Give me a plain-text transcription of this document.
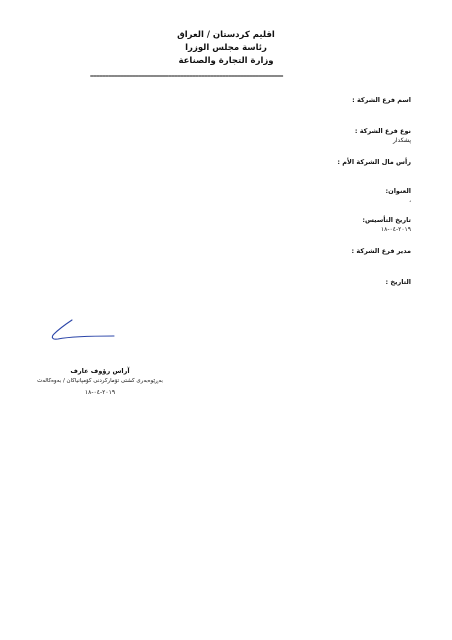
اقليم كردستان / العراق
رئاسة مجلس الوزرا
وزارة التجارة والصناعة
================================================================
اسم فرع الشركة :
نوع فرع الشركة :
پشكدار
رأس مال الشركة الأم :
العنوان:
،
تاريخ التأسيس:
٢٠١٩-٠٤-١٨
مدير فرع الشركة :
التاريخ :
آراس رؤوف عارف
بەڕێوەبەری کشتی تۆمارکردنی کۆمپانیاکان / بەوەکالەت
٢٠١٩-٠٤-١٨
